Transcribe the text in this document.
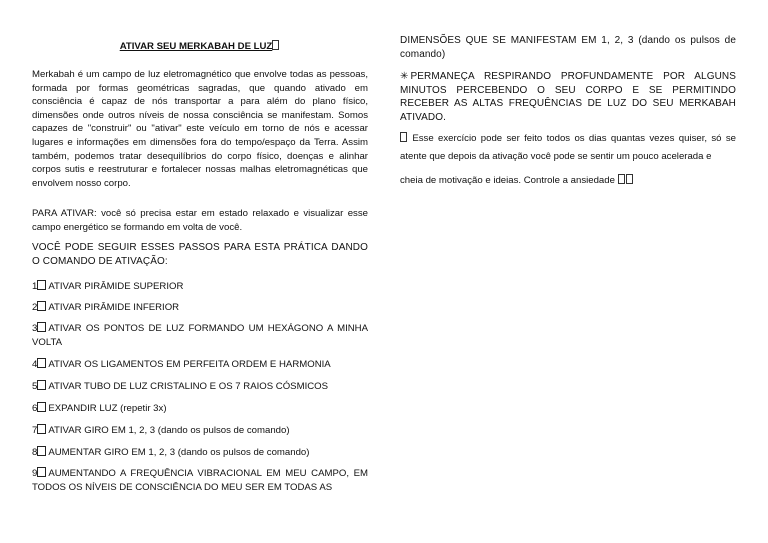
ATIVAR SEU MERKABAH DE LUZ

Merkabah é um campo de luz eletromagnético que envolve todas as pessoas, formada por formas geométricas sagradas, que quando ativado em consciência é capaz de nós transportar a para além do plano físico, dimensões onde outros níveis de nossa consciência se manifestam. Somos capazes de "construir" ou "ativar" este veículo em torno de nós e acessar lugares e informações em dimensões fora do tempo/espaço da Terra. Assim também, podemos tratar desequilíbrios do corpo físico, doenças e alinhar corpos sutis e reestruturar e fortalecer nossas malhas eletromagnéticas que envolvem nosso corpo.

PARA ATIVAR: você só precisa estar em estado relaxado e visualizar esse campo energético se formando em volta de você.

VOCÊ PODE SEGUIR ESSES PASSOS PARA ESTA PRÁTICA DANDO O COMANDO DE ATIVAÇÃO:

1 ATIVAR PIRÂMIDE SUPERIOR
2 ATIVAR PIRÂMIDE INFERIOR
3 ATIVAR OS PONTOS DE LUZ FORMANDO UM HEXÁGONO A MINHA VOLTA
4 ATIVAR OS LIGAMENTOS EM PERFEITA ORDEM E HARMONIA
5 ATIVAR TUBO DE LUZ CRISTALINO E OS 7 RAIOS CÓSMICOS
6 EXPANDIR LUZ (repetir 3x)
7 ATIVAR GIRO EM 1, 2, 3 (dando os pulsos de comando)
8 AUMENTAR GIRO EM 1, 2, 3 (dando os pulsos de comando)
9 AUMENTANDO A FREQUÊNCIA VIBRACIONAL EM MEU CAMPO, EM TODOS OS NÍVEIS DE CONSCIÊNCIA DO MEU SER EM TODAS AS

DIMENSÕES QUE SE MANIFESTAM EM 1, 2, 3 (dando os pulsos de comando)

✳ PERMANEÇA RESPIRANDO PROFUNDAMENTE POR ALGUNS MINUTOS PERCEBENDO O SEU CORPO E SE PERMITINDO RECEBER AS ALTAS FREQUÊNCIAS DE LUZ DO SEU MERKABAH ATIVADO.

Esse exercício pode ser feito todos os dias quantas vezes quiser, só se atente que depois da ativação você pode se sentir um pouco acelerada e

cheia de motivação e ideias. Controle a ansiedade
